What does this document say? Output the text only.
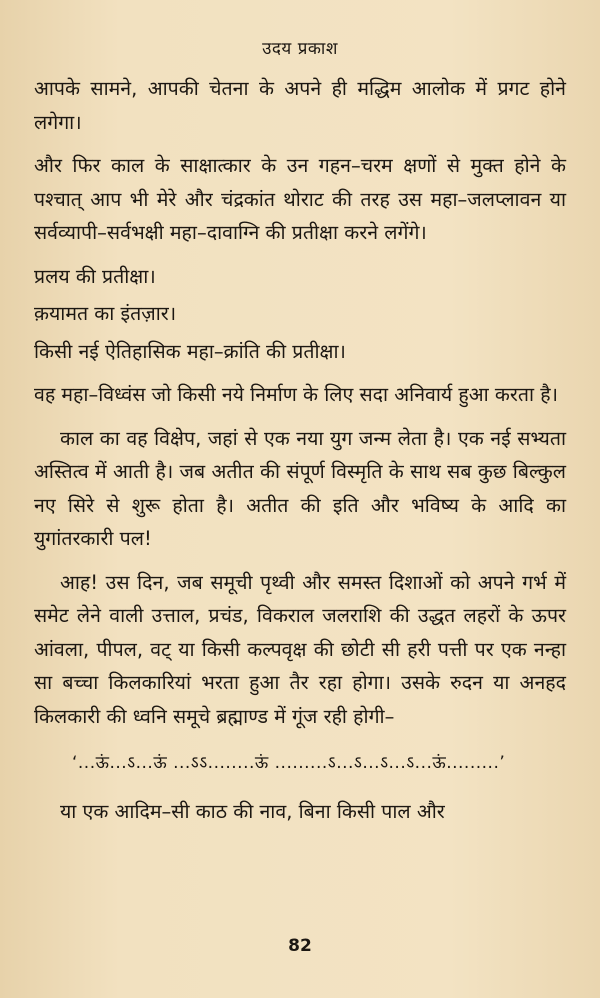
उदय प्रकाश

आपके सामने, आपकी चेतना के अपने ही मद्धिम आलोक में प्रगट होने लगेगा।

और फिर काल के साक्षात्कार के उन गहन–चरम क्षणों से मुक्त होने के पश्चात् आप भी मेरे और चंद्रकांत थोराट की तरह उस महा–जलप्लावन या सर्वव्यापी–सर्वभक्षी महा–दावाग्नि की प्रतीक्षा करने लगेंगे।

प्रलय की प्रतीक्षा।

क़यामत का इंतज़ार।

किसी नई ऐतिहासिक महा–क्रांति की प्रतीक्षा।

वह महा–विध्वंस जो किसी नये निर्माण के लिए सदा अनिवार्य हुआ करता है।

काल का वह विक्षेप, जहां से एक नया युग जन्म लेता है। एक नई सभ्यता अस्तित्व में आती है। जब अतीत की संपूर्ण विस्मृति के साथ सब कुछ बिल्कुल नए सिरे से शुरू होता है। अतीत की इति और भविष्य के आदि का युगांतरकारी पल!

आह! उस दिन, जब समूची पृथ्वी और समस्त दिशाओं को अपने गर्भ में समेट लेने वाली उत्ताल, प्रचंड, विकराल जलराशि की उद्धत लहरों के ऊपर आंवला, पीपल, वट् या किसी कल्पवृक्ष की छोटी सी हरी पत्ती पर एक नन्हा सा बच्चा किलकारियां भरता हुआ तैर रहा होगा। उसके रुदन या अनहद किलकारी की ध्वनि समूचे ब्रह्माण्ड में गूंज रही होगी–

‘...ऊं...ऽ...ऊं ...ऽऽ........ऊं .........ऽ...ऽ...ऽ...ऽ...ऊं.........’

या एक आदिम–सी काठ की नाव, बिना किसी पाल और

82
